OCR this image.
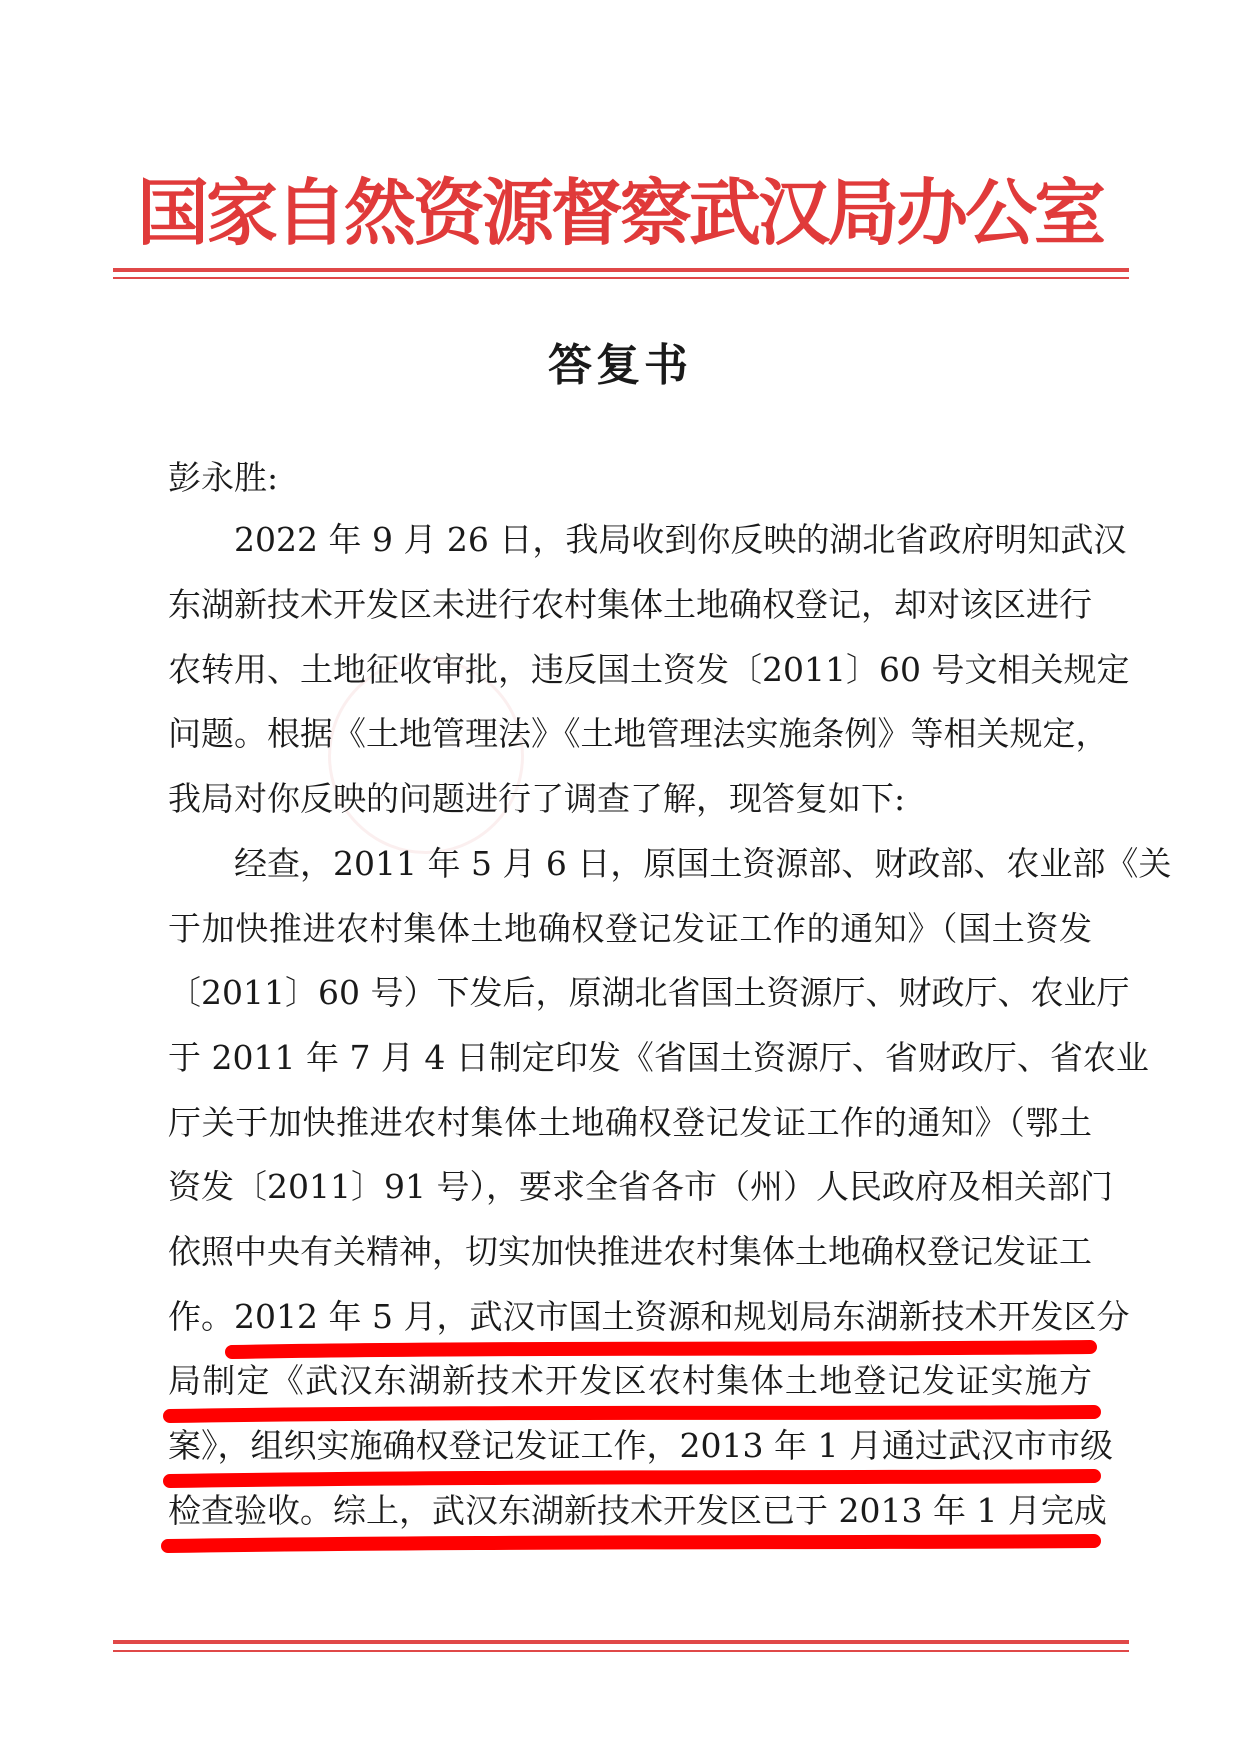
国家自然资源督察武汉局办公室
答复书
彭永胜:
2022 年 9 月 26 日，我局收到你反映的湖北省政府明知武汉
东湖新技术开发区未进行农村集体土地确权登记，却对该区进行
农转用、土地征收审批，违反国土资发〔2011〕60 号文相关规定
问题。根据《土地管理法》《土地管理法实施条例》等相关规定，
我局对你反映的问题进行了调查了解，现答复如下:
经查，2011 年 5 月 6 日，原国土资源部、财政部、农业部《关
于加快推进农村集体土地确权登记发证工作的通知》（国土资发
〔2011〕60 号）下发后，原湖北省国土资源厅、财政厅、农业厅
于 2011 年 7 月 4 日制定印发《省国土资源厅、省财政厅、省农业
厅关于加快推进农村集体土地确权登记发证工作的通知》（鄂土
资发〔2011〕91 号），要求全省各市（州）人民政府及相关部门
依照中央有关精神，切实加快推进农村集体土地确权登记发证工
作。2012 年 5 月，武汉市国土资源和规划局东湖新技术开发区分
局制定《武汉东湖新技术开发区农村集体土地登记发证实施方
案》，组织实施确权登记发证工作，2013 年 1 月通过武汉市市级
检查验收。综上，武汉东湖新技术开发区已于 2013 年 1 月完成
